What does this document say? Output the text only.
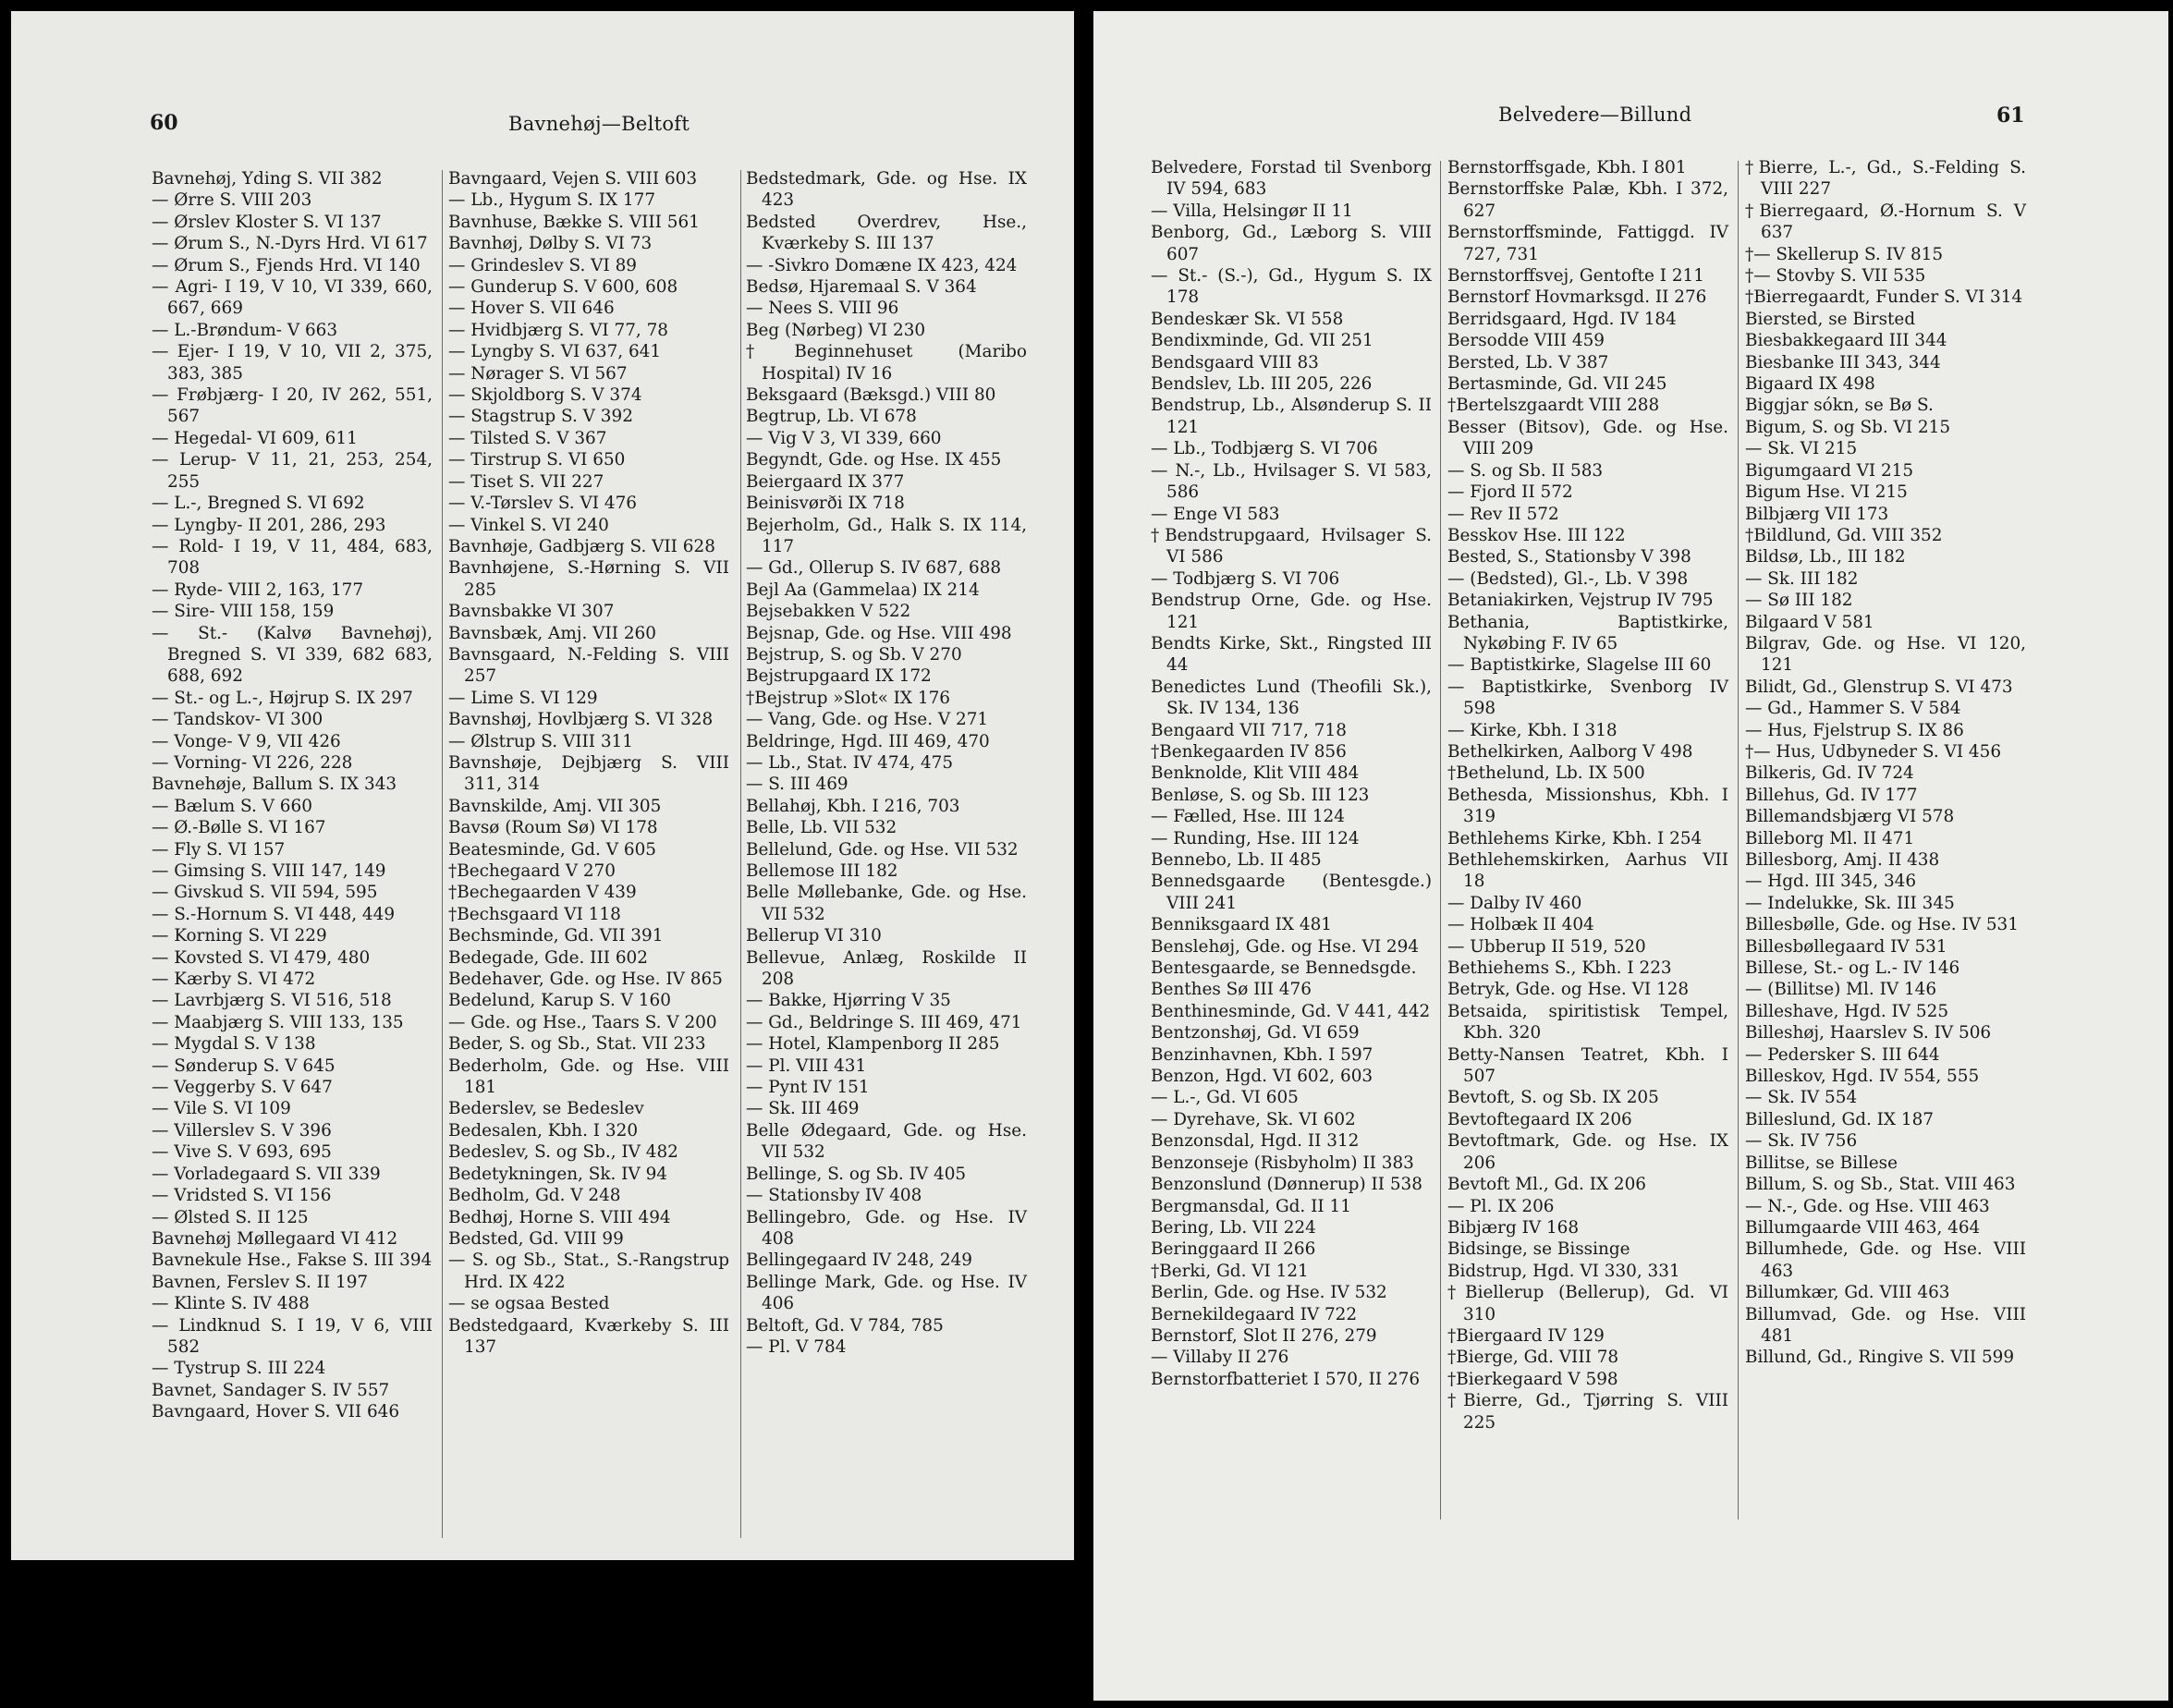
60	Bavnehøj—Beltoft
Bavnehøj, Yding S. VII 382
— Ørre S. VIII 203
— Ørslev Kloster S. VI 137
— Ørum S., N.-Dyrs Hrd. VI 617
— Ørum S., Fjends Hrd. VI 140
— Agri- I 19, V 10, VI 339, 660, 667, 669
— L.-Brøndum- V 663
— Ejer- I 19, V 10, VII 2, 375, 383, 385
— Frøbjærg- I 20, IV 262, 551, 567
— Hegedal- VI 609, 611
— Lerup- V 11, 21, 253, 254, 255
— L.-, Bregned S. VI 692
— Lyngby- II 201, 286, 293
— Rold- I 19, V 11, 484, 683, 708
— Ryde- VIII 2, 163, 177
— Sire- VIII 158, 159
— St.- (Kalvø Bavnehøj), Bregned S. VI 339, 682 683, 688, 692
— St.- og L.-, Højrup S. IX 297
— Tandskov- VI 300
— Vonge- V 9, VII 426
— Vorning- VI 226, 228
Bavnehøje, Ballum S. IX 343
— Bælum S. V 660
— Ø.-Bølle S. VI 167
— Fly S. VI 157
— Gimsing S. VIII 147, 149
— Givskud S. VII 594, 595
— S.-Hornum S. VI 448, 449
— Korning S. VI 229
— Kovsted S. VI 479, 480
— Kærby S. VI 472
— Lavrbjærg S. VI 516, 518
— Maabjærg S. VIII 133, 135
— Mygdal S. V 138
— Sønderup S. V 645
— Veggerby S. V 647
— Vile S. VI 109
— Villerslev S. V 396
— Vive S. V 693, 695
— Vorladegaard S. VII 339
— Vridsted S. VI 156
— Ølsted S. II 125
Bavnehøj Møllegaard VI 412
Bavnekule Hse., Fakse S. III 394
Bavnen, Ferslev S. II 197
— Klinte S. IV 488
— Lindknud S. I 19, V 6, VIII 582
— Tystrup S. III 224
Bavnet, Sandager S. IV 557
Bavngaard, Hover S. VII 646
Bavngaard, Vejen S. VIII 603
— Lb., Hygum S. IX 177
Bavnhuse, Bække S. VIII 561
Bavnhøj, Dølby S. VI 73
— Grindeslev S. VI 89
— Gunderup S. V 600, 608
— Hover S. VII 646
— Hvidbjærg S. VI 77, 78
— Lyngby S. VI 637, 641
— Nørager S. VI 567
— Skjoldborg S. V 374
— Stagstrup S. V 392
— Tilsted S. V 367
— Tirstrup S. VI 650
— Tiset S. VII 227
— V.-Tørslev S. VI 476
— Vinkel S. VI 240
Bavnhøje, Gadbjærg S. VII 628
Bavnhøjene, S.-Hørning S. VII 285
Bavnsbakke VI 307
Bavnsbæk, Amj. VII 260
Bavnsgaard, N.-Felding S. VIII 257
— Lime S. VI 129
Bavnshøj, Hovlbjærg S. VI 328
— Ølstrup S. VIII 311
Bavnshøje, Dejbjærg S. VIII 311, 314
Bavnskilde, Amj. VII 305
Bavsø (Roum Sø) VI 178
Beatesminde, Gd. V 605
†Bechegaard V 270
†Bechegaarden V 439
†Bechsgaard VI 118
Bechsminde, Gd. VII 391
Bedegade, Gde. III 602
Bedehaver, Gde. og Hse. IV 865
Bedelund, Karup S. V 160
— Gde. og Hse., Taars S. V 200
Beder, S. og Sb., Stat. VII 233
Bederholm, Gde. og Hse. VIII 181
Bederslev, se Bedeslev
Bedesalen, Kbh. I 320
Bedeslev, S. og Sb., IV 482
Bedetykningen, Sk. IV 94
Bedholm, Gd. V 248
Bedhøj, Horne S. VIII 494
Bedsted, Gd. VIII 99
— S. og Sb., Stat., S.-Rangstrup Hrd. IX 422
— se ogsaa Bested
Bedstedgaard, Kværkeby S. III 137
Bedstedmark, Gde. og Hse. IX 423
Bedsted Overdrev, Hse., Kværkeby S. III 137
— -Sivkro Domæne IX 423, 424
Bedsø, Hjaremaal S. V 364
— Nees S. VIII 96
Beg (Nørbeg) VI 230
†Beginnehuset (Maribo Hospital) IV 16
Beksgaard (Bæksgd.) VIII 80
Begtrup, Lb. VI 678
— Vig V 3, VI 339, 660
Begyndt, Gde. og Hse. IX 455
Beiergaard IX 377
Beinisvørði IX 718
Bejerholm, Gd., Halk S. IX 114, 117
— Gd., Ollerup S. IV 687, 688
Bejl Aa (Gammelaa) IX 214
Bejsebakken V 522
Bejsnap, Gde. og Hse. VIII 498
Bejstrup, S. og Sb. V 270
Bejstrupgaard IX 172
†Bejstrup »Slot« IX 176
— Vang, Gde. og Hse. V 271
Beldringe, Hgd. III 469, 470
— Lb., Stat. IV 474, 475
— S. III 469
Bellahøj, Kbh. I 216, 703
Belle, Lb. VII 532
Bellelund, Gde. og Hse. VII 532
Bellemose III 182
Belle Møllebanke, Gde. og Hse. VII 532
Bellerup VI 310
Bellevue, Anlæg, Roskilde II 208
— Bakke, Hjørring V 35
— Gd., Beldringe S. III 469, 471
— Hotel, Klampenborg II 285
— Pl. VIII 431
— Pynt IV 151
— Sk. III 469
Belle Ødegaard, Gde. og Hse. VII 532
Bellinge, S. og Sb. IV 405
— Stationsby IV 408
Bellingebro, Gde. og Hse. IV 408
Bellingegaard IV 248, 249
Bellinge Mark, Gde. og Hse. IV 406
Beltoft, Gd. V 784, 785
— Pl. V 784
Belvedere—Billund	61
Belvedere, Forstad til Svenborg IV 594, 683
— Villa, Helsingør II 11
Benborg, Gd., Læborg S. VIII 607
— St.- (S.-), Gd., Hygum S. IX 178
Bendeskær Sk. VI 558
Bendixminde, Gd. VII 251
Bendsgaard VIII 83
Bendslev, Lb. III 205, 226
Bendstrup, Lb., Alsønderup S. II 121
— Lb., Todbjærg S. VI 706
— N.-, Lb., Hvilsager S. VI 583, 586
— Enge VI 583
†Bendstrupgaard, Hvilsager S. VI 586
— Todbjærg S. VI 706
Bendstrup Orne, Gde. og Hse. 121
Bendts Kirke, Skt., Ringsted III 44
Benedictes Lund (Theofili Sk.), Sk. IV 134, 136
Bengaard VII 717, 718
†Benkegaarden IV 856
Benknolde, Klit VIII 484
Benløse, S. og Sb. III 123
— Fælled, Hse. III 124
— Runding, Hse. III 124
Bennebo, Lb. II 485
Bennedsgaarde (Bentesgde.) VIII 241
Benniksgaard IX 481
Benslehøj, Gde. og Hse. VI 294
Bentesgaarde, se Bennedsgde.
Benthes Sø III 476
Benthinesminde, Gd. V 441, 442
Bentzonshøj, Gd. VI 659
Benzinhavnen, Kbh. I 597
Benzon, Hgd. VI 602, 603
— L.-, Gd. VI 605
— Dyrehave, Sk. VI 602
Benzonsdal, Hgd. II 312
Benzonseje (Risbyholm) II 383
Benzonslund (Dønnerup) II 538
Bergmansdal, Gd. II 11
Bering, Lb. VII 224
Beringgaard II 266
†Berki, Gd. VI 121
Berlin, Gde. og Hse. IV 532
Bernekildegaard IV 722
Bernstorf, Slot II 276, 279
— Villaby II 276
Bernstorfbatteriet I 570, II 276
Bernstorffsgade, Kbh. I 801
Bernstorffske Palæ, Kbh. I 372, 627
Bernstorffsminde, Fattiggd. IV 727, 731
Bernstorffsvej, Gentofte I 211
Bernstorf Hovmarksgd. II 276
Berridsgaard, Hgd. IV 184
Bersodde VIII 459
Bersted, Lb. V 387
Bertasminde, Gd. VII 245
†Bertelszgaardt VIII 288
Besser (Bitsov), Gde. og Hse. VIII 209
— S. og Sb. II 583
— Fjord II 572
— Rev II 572
Besskov Hse. III 122
Bested, S., Stationsby V 398
— (Bedsted), Gl.-, Lb. V 398
Betaniakirken, Vejstrup IV 795
Bethania, Baptistkirke, Nykøbing F. IV 65
— Baptistkirke, Slagelse III 60
— Baptistkirke, Svenborg IV 598
— Kirke, Kbh. I 318
Bethelkirken, Aalborg V 498
†Bethelund, Lb. IX 500
Bethesda, Missionshus, Kbh. I 319
Bethlehems Kirke, Kbh. I 254
Bethlehemskirken, Aarhus VII 18
— Dalby IV 460
— Holbæk II 404
— Ubberup II 519, 520
Bethiehems S., Kbh. I 223
Betryk, Gde. og Hse. VI 128
Betsaida, spiritistisk Tempel, Kbh. 320
Betty-Nansen Teatret, Kbh. I 507
Bevtoft, S. og Sb. IX 205
Bevtoftegaard IX 206
Bevtoftmark, Gde. og Hse. IX 206
Bevtoft Ml., Gd. IX 206
— Pl. IX 206
Bibjærg IV 168
Bidsinge, se Bissinge
Bidstrup, Hgd. VI 330, 331
†Biellerup (Bellerup), Gd. VI 310
†Biergaard IV 129
†Bierge, Gd. VIII 78
†Bierkegaard V 598
†Bierre, Gd., Tjørring S. VIII 225
†Bierre, L.-, Gd., S.-Felding S. VIII 227
†Bierregaard, Ø.-Hornum S. V 637
†— Skellerup S. IV 815
†— Stovby S. VII 535
†Bierregaardt, Funder S. VI 314
Biersted, se Birsted
Biesbakkegaard III 344
Biesbanke III 343, 344
Bigaard IX 498
Biggjar sókn, se Bø S.
Bigum, S. og Sb. VI 215
— Sk. VI 215
Bigumgaard VI 215
Bigum Hse. VI 215
Bilbjærg VII 173
†Bildlund, Gd. VIII 352
Bildsø, Lb., III 182
— Sk. III 182
— Sø III 182
Bilgaard V 581
Bilgrav, Gde. og Hse. VI 120, 121
Bilidt, Gd., Glenstrup S. VI 473
— Gd., Hammer S. V 584
— Hus, Fjelstrup S. IX 86
†— Hus, Udbyneder S. VI 456
Bilkeris, Gd. IV 724
Billehus, Gd. IV 177
Billemandsbjærg VI 578
Billeborg Ml. II 471
Billesborg, Amj. II 438
— Hgd. III 345, 346
— Indelukke, Sk. III 345
Billesbølle, Gde. og Hse. IV 531
Billesbøllegaard IV 531
Billese, St.- og L.- IV 146
— (Billitse) Ml. IV 146
Billeshave, Hgd. IV 525
Billeshøj, Haarslev S. IV 506
— Pedersker S. III 644
Billeskov, Hgd. IV 554, 555
— Sk. IV 554
Billeslund, Gd. IX 187
— Sk. IV 756
Billitse, se Billese
Billum, S. og Sb., Stat. VIII 463
— N.-, Gde. og Hse. VIII 463
Billumgaarde VIII 463, 464
Billumhede, Gde. og Hse. VIII 463
Billumkær, Gd. VIII 463
Billumvad, Gde. og Hse. VIII 481
Billund, Gd., Ringive S. VII 599
